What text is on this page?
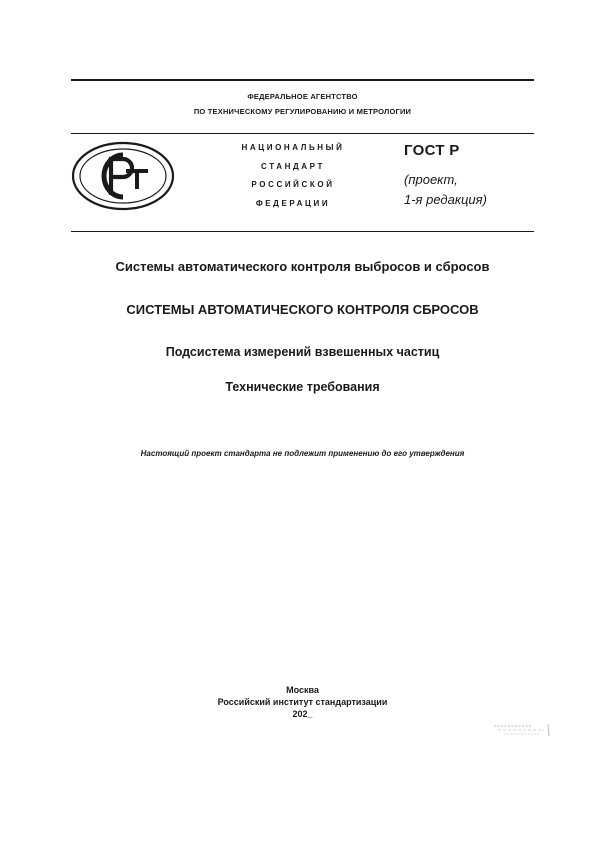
ФЕДЕРАЛЬНОЕ АГЕНТСТВО
ПО ТЕХНИЧЕСКОМУ РЕГУЛИРОВАНИЮ И МЕТРОЛОГИИ
НАЦИОНАЛЬНЫЙ
СТАНДАРТ
РОССИЙСКОЙ
ФЕДЕРАЦИИ
ГОСТ Р
(проект,
1-я редакция)
Системы автоматического контроля выбросов и сбросов
СИСТЕМЫ АВТОМАТИЧЕСКОГО КОНТРОЛЯ СБРОСОВ
Подсистема измерений взвешенных частиц
Технические требования
Настоящий проект стандарта не подлежит применению до его утверждения
Москва
Российский институт стандартизации
202_
